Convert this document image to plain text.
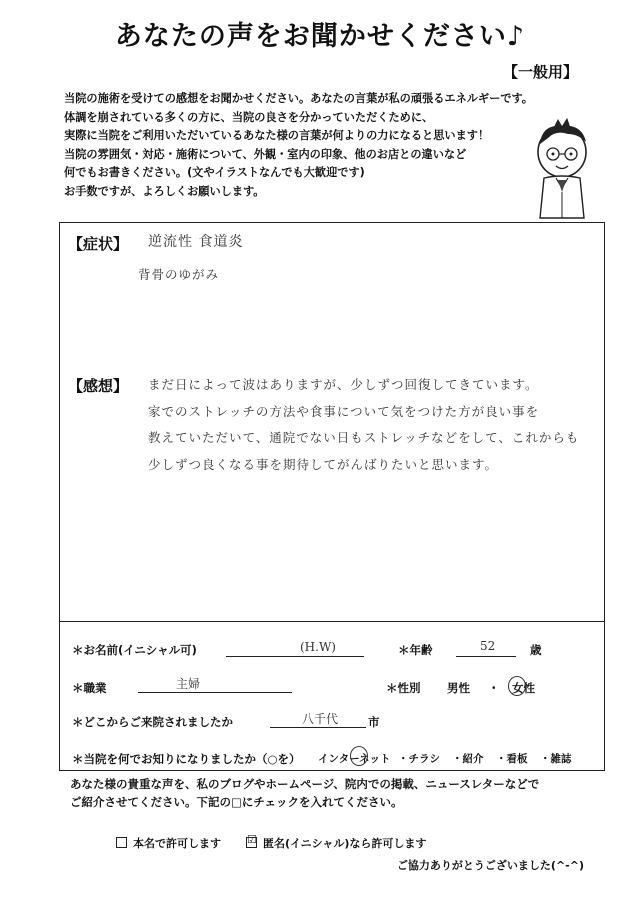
あなたの声をお聞かせください♪
【一般用】
当院の施術を受けての感想をお聞かせください。あなたの言葉が私の頑張るエネルギーです。
体調を崩されている多くの方に、当院の良さを分かっていただくために、
実際に当院をご利用いただいているあなた様の言葉が何よりの力になると思います！
当院の雰囲気・対応・施術について、外観・室内の印象、他のお店との違いなど
何でもお書きください。(文やイラストなんでも大歓迎です)
お手数ですが、よろしくお願いします。
【症状】 逆流性 食道炎
背骨のゆがみ
【感想】 まだ日によって波はありますが、少しずつ回復してきています。
家でのストレッチの方法や食事について気をつけた方が良い事を
教えていただいて、通院でない日もストレッチなどをして、これからも
少しずつ良くなる事を期待してがんばりたいと思います。
＊お名前(イニシャル可)	(H.W)	＊年齢	52	歳
＊職業	主婦	＊性別 男性 ・ 女性
＊どこからご来院されましたか	八千代	市
＊当院を何でお知りになりましたか（○を） インターネット ・チラシ ・紹介 ・看板 ・雑誌
あなた様の貴重な声を、私のブログやホームページ、院内での掲載、ニュースレターなどで
ご紹介させてください。下記の□にチェックを入れてください。
本名で許可します ☑ 匿名(イニシャル)なら許可します
ご協力ありがとうございました(^-^)
